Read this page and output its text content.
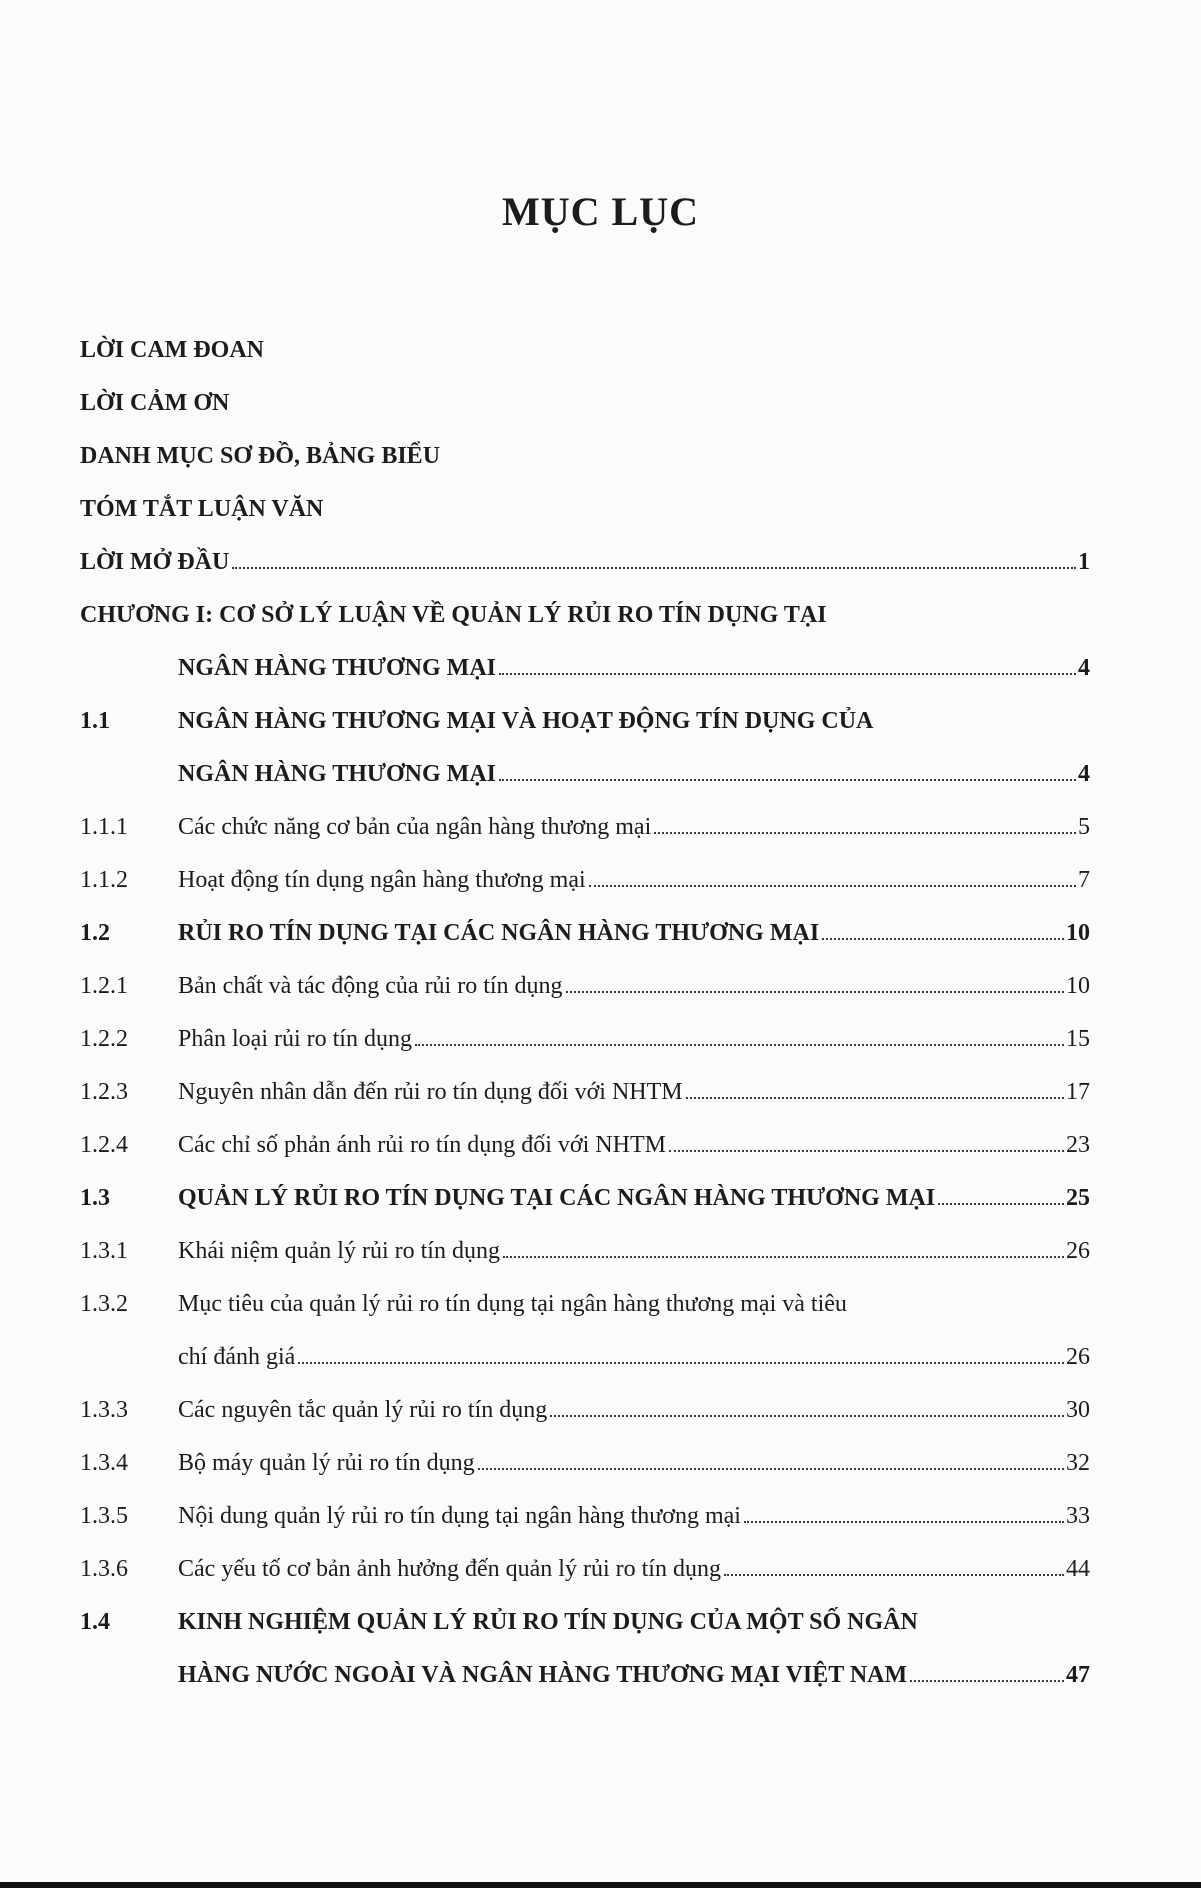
MỤC LỤC
LỜI CAM ĐOAN
LỜI CẢM ƠN
DANH MỤC SƠ ĐỒ, BẢNG BIỂU
TÓM TẮT LUẬN VĂN
LỜI MỞ ĐẦU	1
CHƯƠNG I: CƠ SỞ LÝ LUẬN VỀ QUẢN LÝ RỦI RO TÍN DỤNG TẠI
NGÂN HÀNG THƯƠNG MẠI	4
1.1	NGÂN HÀNG THƯƠNG MẠI VÀ HOẠT ĐỘNG TÍN DỤNG CỦA
NGÂN HÀNG THƯƠNG MẠI	4
1.1.1 Các chức năng cơ bản của ngân hàng thương mại	5
1.1.2 Hoạt động tín dụng ngân hàng thương mại	7
1.2	RỦI RO TÍN DỤNG TẠI CÁC NGÂN HÀNG THƯƠNG MẠI	10
1.2.1 Bản chất và tác động của rủi ro tín dụng	10
1.2.2 Phân loại rủi ro tín dụng	15
1.2.3 Nguyên nhân dẫn đến rủi ro tín dụng đối với NHTM	17
1.2.4 Các chỉ số phản ánh rủi ro tín dụng đối với NHTM	23
1.3	QUẢN LÝ RỦI RO TÍN DỤNG TẠI CÁC NGÂN HÀNG THƯƠNG MẠI	25
1.3.1 Khái niệm quản lý rủi ro tín dụng	26
1.3.2 Mục tiêu của quản lý rủi ro tín dụng tại ngân hàng thương mại và tiêu
chí đánh giá	26
1.3.3 Các nguyên tắc quản lý rủi ro tín dụng	30
1.3.4 Bộ máy quản lý rủi ro tín dụng	32
1.3.5 Nội dung quản lý rủi ro tín dụng tại ngân hàng thương mại	33
1.3.6 Các yếu tố cơ bản ảnh hưởng đến quản lý rủi ro tín dụng	44
1.4	KINH NGHIỆM QUẢN LÝ RỦI RO TÍN DỤNG CỦA MỘT SỐ NGÂN
HÀNG NƯỚC NGOÀI VÀ NGÂN HÀNG THƯƠNG MẠI VIỆT NAM	47
